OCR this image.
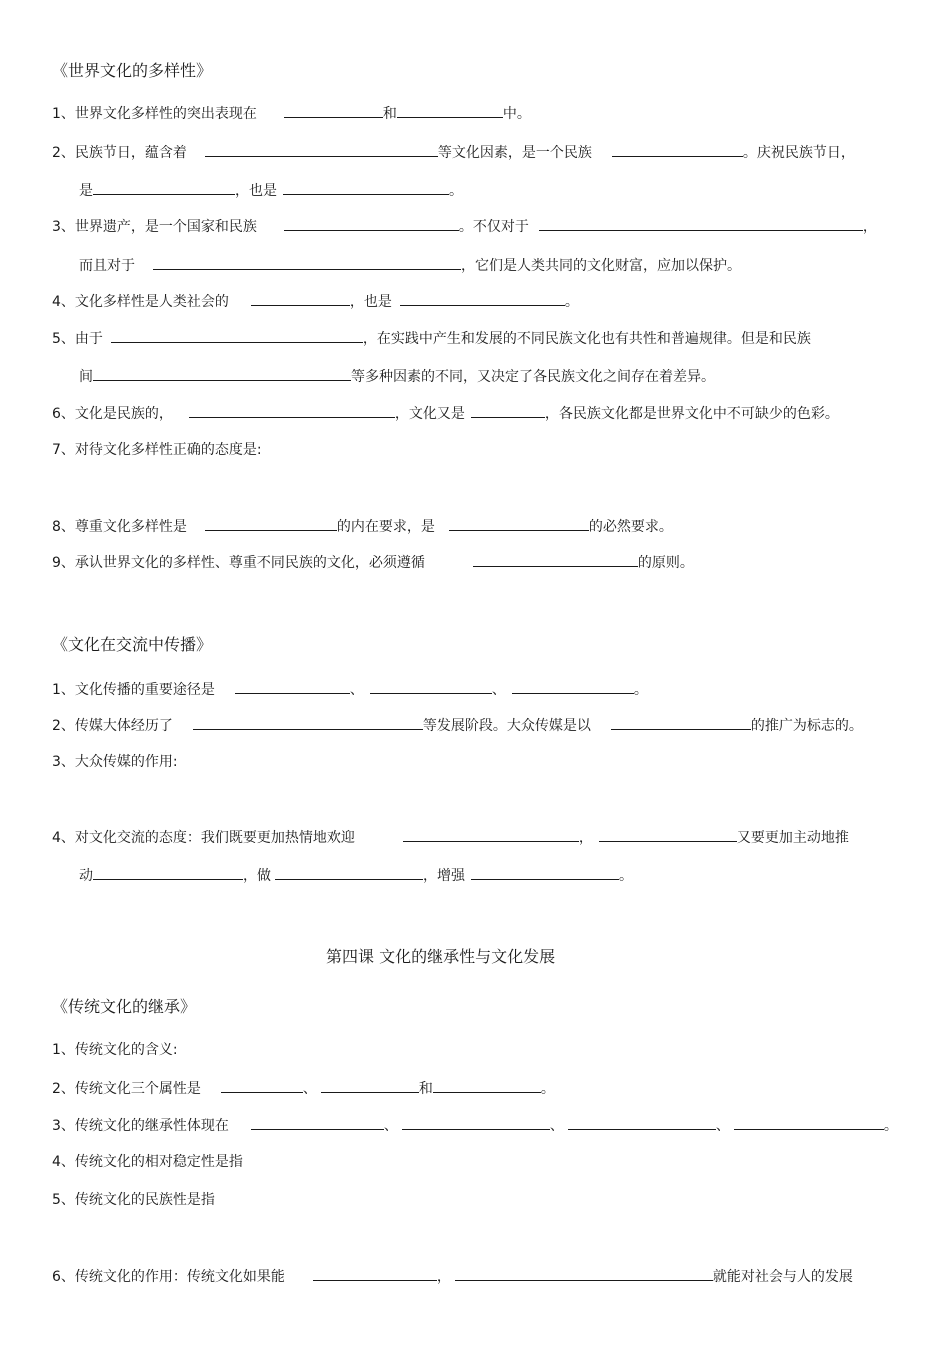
《世界文化的多样性》
1、世界文化多样性的突出表现在	和	中。
2、民族节日，蕴含着	等文化因素，是一个民族	。庆祝民族节日，
是	，也是	。
3、世界遗产，是一个国家和民族	。不仅对于	，
而且对于	，它们是人类共同的文化财富，应加以保护。
4、文化多样性是人类社会的	，也是	。
5、由于	，在实践中产生和发展的不同民族文化也有共性和普遍规律。但是和民族
间	等多种因素的不同，又决定了各民族文化之间存在着差异。
6、文化是民族的，	，文化又是	，各民族文化都是世界文化中不可缺少的色彩。
7、对待文化多样性正确的态度是:
8、尊重文化多样性是	的内在要求，是	的必然要求。
9、承认世界文化的多样性、尊重不同民族的文化，必须遵循	的原则。
《文化在交流中传播》
1、文化传播的重要途径是	、	、	。
2、传媒大体经历了	等发展阶段。大众传媒是以	的推广为标志的。
3、大众传媒的作用:
4、对文化交流的态度：我们既要更加热情地欢迎	，	又要更加主动地推
动	，做	，增强	。
第四课 文化的继承性与文化发展
《传统文化的继承》
1、传统文化的含义:
2、传统文化三个属性是	、	和	。
3、传统文化的继承性体现在	、	、	、	。
4、传统文化的相对稳定性是指
5、传统文化的民族性是指
6、传统文化的作用：传统文化如果能	，	就能对社会与人的发展
